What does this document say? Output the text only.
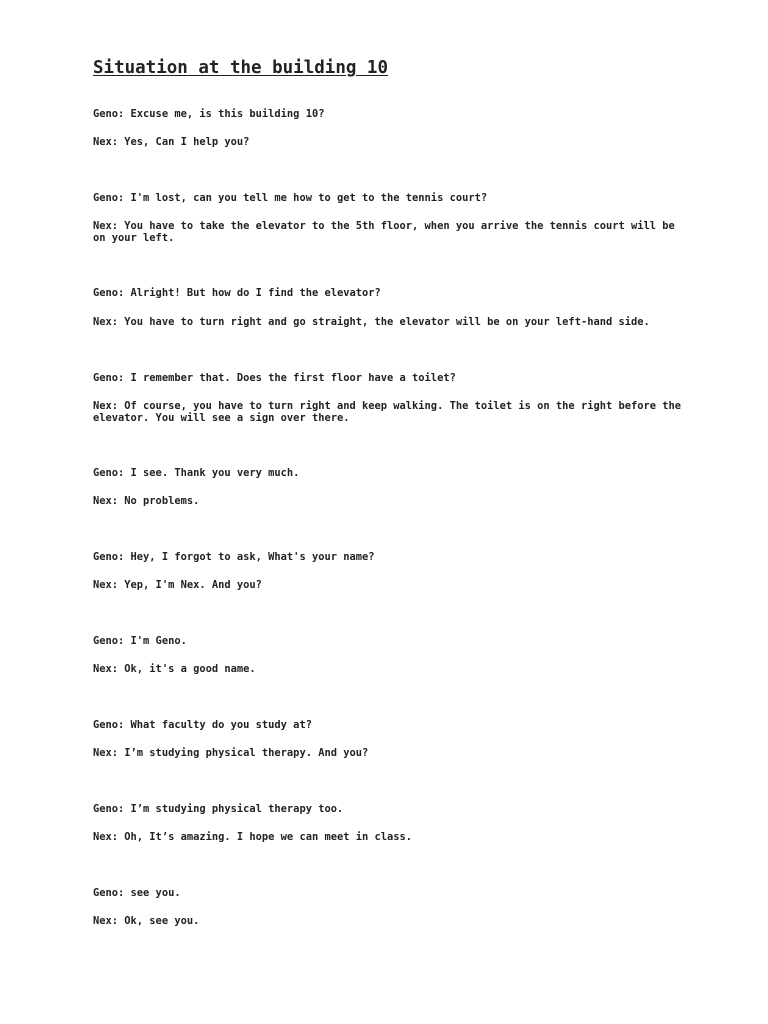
Situation at the building 10

Geno: Excuse me, is this building 10?

Nex: Yes, Can I help you?

Geno: I'm lost, can you tell me how to get to the tennis court?

Nex: You have to take the elevator to the 5th floor, when you arrive the tennis court will be on your left.

Geno: Alright! But how do I find the elevator?

Nex: You have to turn right and go straight, the elevator will be on your left-hand side.

Geno: I remember that. Does the first floor have a toilet?

Nex: Of course, you have to turn right and keep walking. The toilet is on the right before the elevator. You will see a sign over there.

Geno: I see. Thank you very much.

Nex: No problems.

Geno: Hey, I forgot to ask, What's your name?

Nex: Yep, I'm Nex. And you?

Geno: I'm Geno.

Nex: Ok, it's a good name.

Geno: What faculty do you study at?

Nex: I’m studying physical therapy. And you?

Geno: I’m studying physical therapy too.

Nex: Oh, It’s amazing. I hope we can meet in class.

Geno: see you.

Nex: Ok, see you.
